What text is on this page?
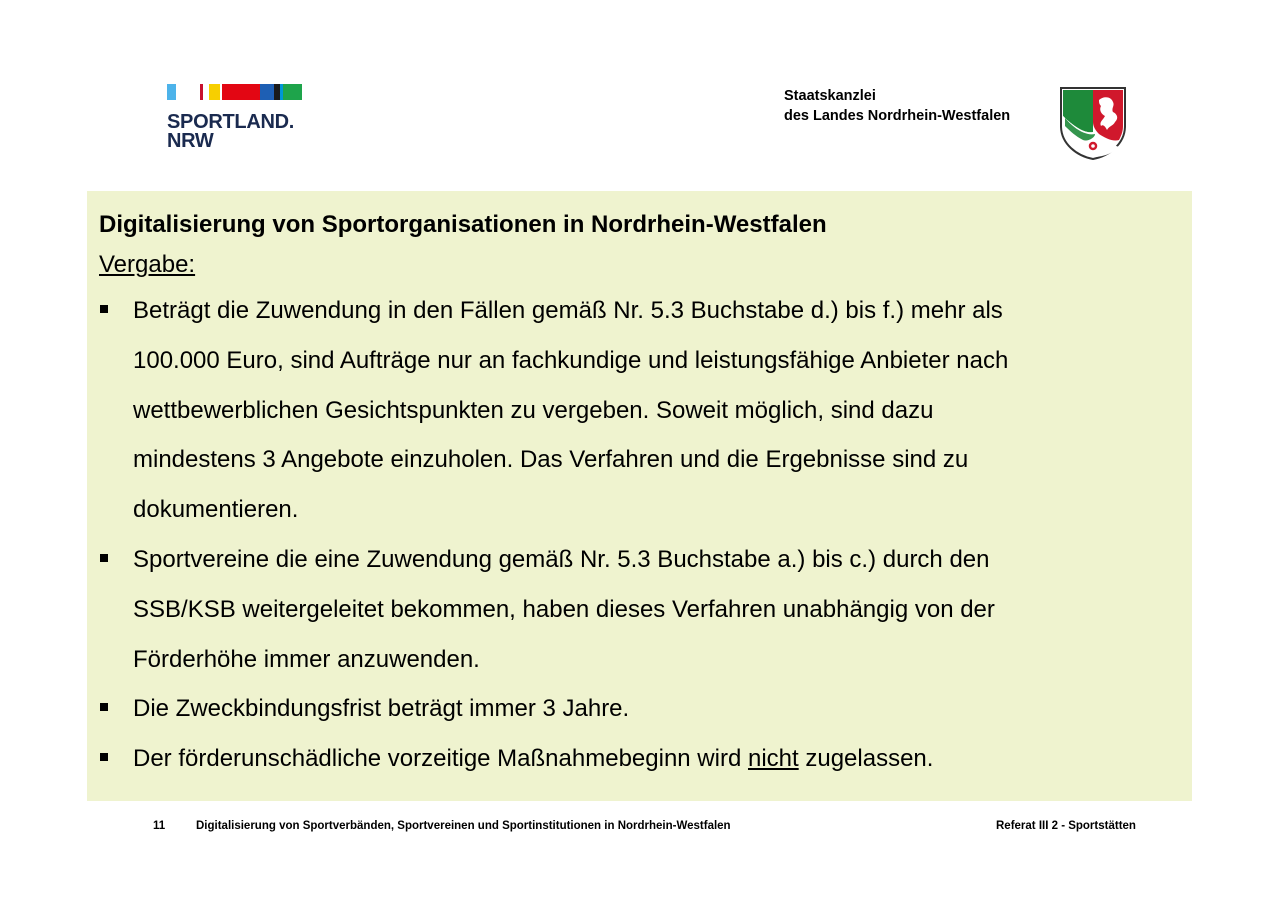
SPORTLAND.
NRW
Staatskanzlei
des Landes Nordrhein-Westfalen
Digitalisierung von Sportorganisationen in Nordrhein-Westfalen
Vergabe:
Beträgt die Zuwendung in den Fällen gemäß Nr. 5.3 Buchstabe d.) bis f.) mehr als
100.000 Euro, sind Aufträge nur an fachkundige und leistungsfähige Anbieter nach
wettbewerblichen Gesichtspunkten zu vergeben. Soweit möglich, sind dazu
mindestens 3 Angebote einzuholen. Das Verfahren und die Ergebnisse sind zu
dokumentieren.
Sportvereine die eine Zuwendung gemäß Nr. 5.3 Buchstabe a.) bis c.) durch den
SSB/KSB weitergeleitet bekommen, haben dieses Verfahren unabhängig von der
Förderhöhe immer anzuwenden.
Die Zweckbindungsfrist beträgt immer 3 Jahre.
Der förderunschädliche vorzeitige Maßnahmebeginn wird nicht zugelassen.
11	Digitalisierung von Sportverbänden, Sportvereinen und Sportinstitutionen in Nordrhein-Westfalen	Referat III 2 - Sportstätten
